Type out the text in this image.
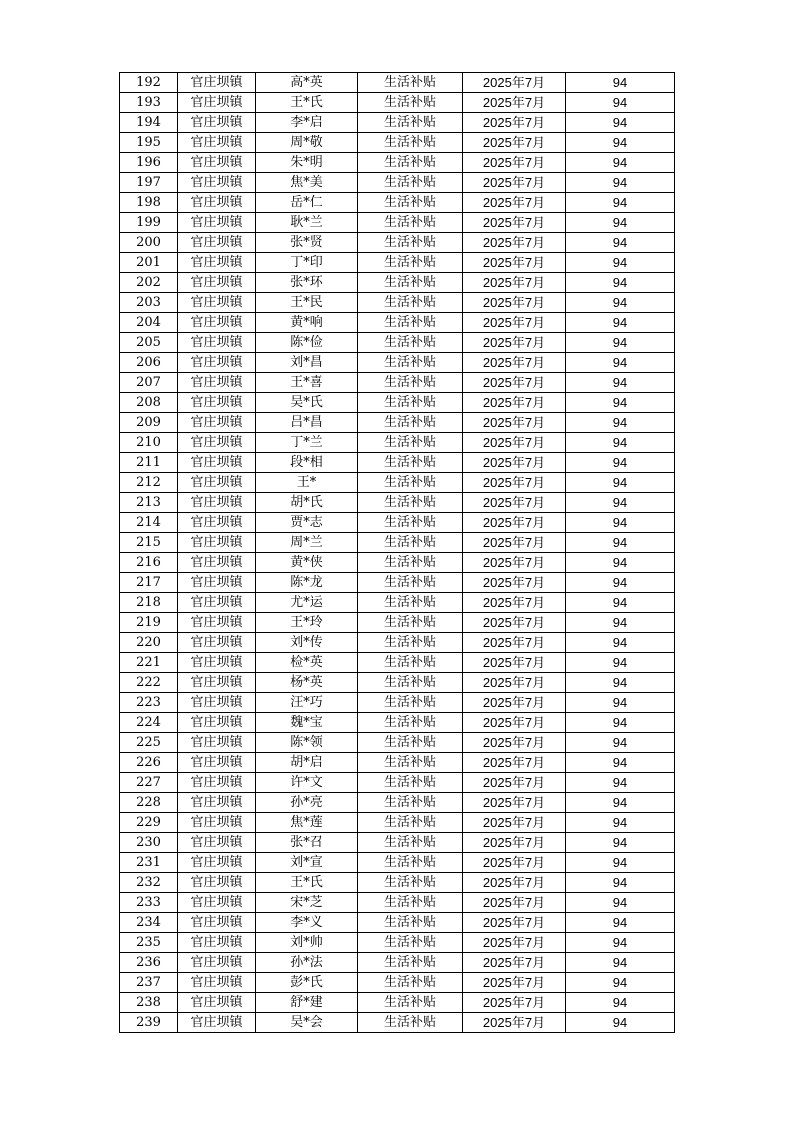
192	官庄坝镇	高*英	生活补贴	2025年7月	94
193	官庄坝镇	王*氏	生活补贴	2025年7月	94
194	官庄坝镇	李*启	生活补贴	2025年7月	94
195	官庄坝镇	周*敬	生活补贴	2025年7月	94
196	官庄坝镇	朱*明	生活补贴	2025年7月	94
197	官庄坝镇	焦*美	生活补贴	2025年7月	94
198	官庄坝镇	岳*仁	生活补贴	2025年7月	94
199	官庄坝镇	耿*兰	生活补贴	2025年7月	94
200	官庄坝镇	张*贤	生活补贴	2025年7月	94
201	官庄坝镇	丁*印	生活补贴	2025年7月	94
202	官庄坝镇	张*环	生活补贴	2025年7月	94
203	官庄坝镇	王*民	生活补贴	2025年7月	94
204	官庄坝镇	黄*响	生活补贴	2025年7月	94
205	官庄坝镇	陈*俭	生活补贴	2025年7月	94
206	官庄坝镇	刘*昌	生活补贴	2025年7月	94
207	官庄坝镇	王*喜	生活补贴	2025年7月	94
208	官庄坝镇	吴*氏	生活补贴	2025年7月	94
209	官庄坝镇	吕*昌	生活补贴	2025年7月	94
210	官庄坝镇	丁*兰	生活补贴	2025年7月	94
211	官庄坝镇	段*相	生活补贴	2025年7月	94
212	官庄坝镇	王*	生活补贴	2025年7月	94
213	官庄坝镇	胡*氏	生活补贴	2025年7月	94
214	官庄坝镇	贾*志	生活补贴	2025年7月	94
215	官庄坝镇	周*兰	生活补贴	2025年7月	94
216	官庄坝镇	黄*侠	生活补贴	2025年7月	94
217	官庄坝镇	陈*龙	生活补贴	2025年7月	94
218	官庄坝镇	尤*运	生活补贴	2025年7月	94
219	官庄坝镇	王*玲	生活补贴	2025年7月	94
220	官庄坝镇	刘*传	生活补贴	2025年7月	94
221	官庄坝镇	检*英	生活补贴	2025年7月	94
222	官庄坝镇	杨*英	生活补贴	2025年7月	94
223	官庄坝镇	汪*巧	生活补贴	2025年7月	94
224	官庄坝镇	魏*宝	生活补贴	2025年7月	94
225	官庄坝镇	陈*领	生活补贴	2025年7月	94
226	官庄坝镇	胡*启	生活补贴	2025年7月	94
227	官庄坝镇	许*文	生活补贴	2025年7月	94
228	官庄坝镇	孙*亮	生活补贴	2025年7月	94
229	官庄坝镇	焦*莲	生活补贴	2025年7月	94
230	官庄坝镇	张*召	生活补贴	2025年7月	94
231	官庄坝镇	刘*宣	生活补贴	2025年7月	94
232	官庄坝镇	王*氏	生活补贴	2025年7月	94
233	官庄坝镇	宋*芝	生活补贴	2025年7月	94
234	官庄坝镇	李*义	生活补贴	2025年7月	94
235	官庄坝镇	刘*帅	生活补贴	2025年7月	94
236	官庄坝镇	孙*法	生活补贴	2025年7月	94
237	官庄坝镇	彭*氏	生活补贴	2025年7月	94
238	官庄坝镇	舒*建	生活补贴	2025年7月	94
239	官庄坝镇	吴*会	生活补贴	2025年7月	94
